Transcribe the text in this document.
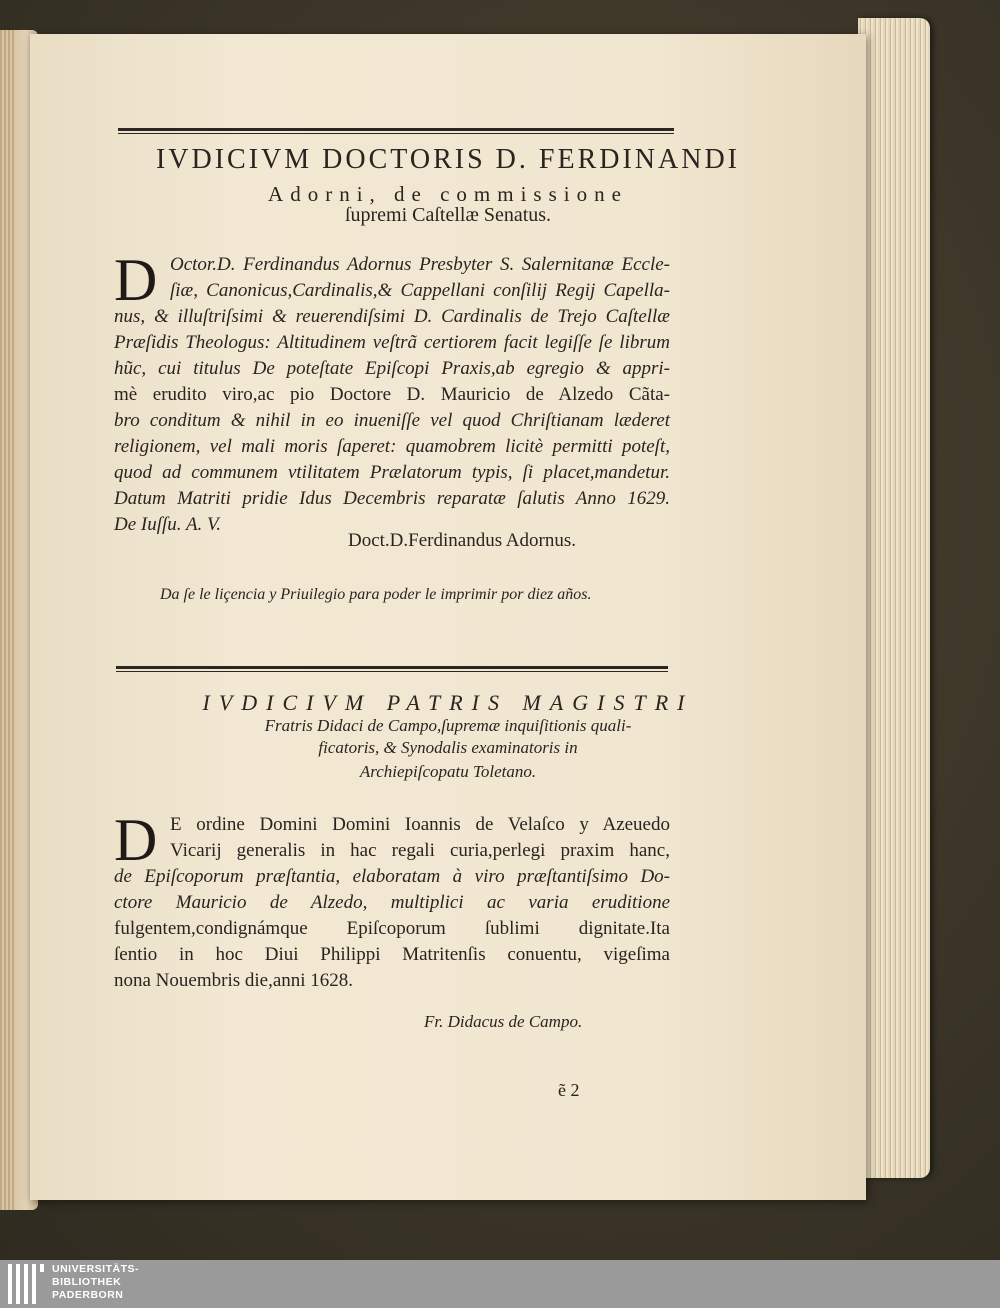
IVDICIVM DOCTORIS D. FERDINANDI
Adorni, de commissione
ſupremi Caſtellæ Senatus.
D Octor.D. Ferdinandus Adornus Presbyter S. Salernitanæ Eccle-
ſiæ, Canonicus,Cardinalis,& Cappellani conſilij Regij Capella-
nus, & illuſtriſsimi & reuerendiſsimi D. Cardinalis de Trejo Caſtellæ
Præſidis Theologus: Altitudinem veſtrã certiorem facit legiſſe ſe librum
hũc, cui titulus De poteſtate Epiſcopi Praxis,ab egregio & appri-
mè erudito viro,ac pio Doctore D. Mauricio de Alzedo Cãta-
bro conditum & nihil in eo inueniſſe vel quod Chriſtianam læderet
religionem, vel mali moris ſaperet: quamobrem licitè permitti poteſt,
quod ad communem vtilitatem Prælatorum typis, ſi placet,mandetur.
Datum Matriti pridie Idus Decembris reparatæ ſalutis Anno 1629.
De Iuſſu. A. V.
Doct.D.Ferdinandus Adornus.
Da ſe le liçencia y Priuilegio para poder le imprimir por diez años.
IVDICIVM PATRIS MAGISTRI
Fratris Didaci de Campo,ſupremæ inquiſitionis quali-
ficatoris, & Synodalis examinatoris in
Archiepiſcopatu Toletano.
D E ordine Domini Domini Ioannis de Velaſco y Azeuedo
Vicarij generalis in hac regali curia,perlegi praxim hanc,
de Epiſcoporum præſtantia, elaboratam à viro præſtantiſsimo Do-
ctore Mauricio de Alzedo, multiplici ac varia eruditione
fulgentem,condignámque Epiſcoporum ſublimi dignitate.Ita
ſentio in hoc Diui Philippi Matritenſis conuentu, vigeſima
nona Nouembris die,anni 1628.
Fr. Didacus de Campo.
ẽ 2
UNIVERSITÄTS-
BIBLIOTHEK
PADERBORN
